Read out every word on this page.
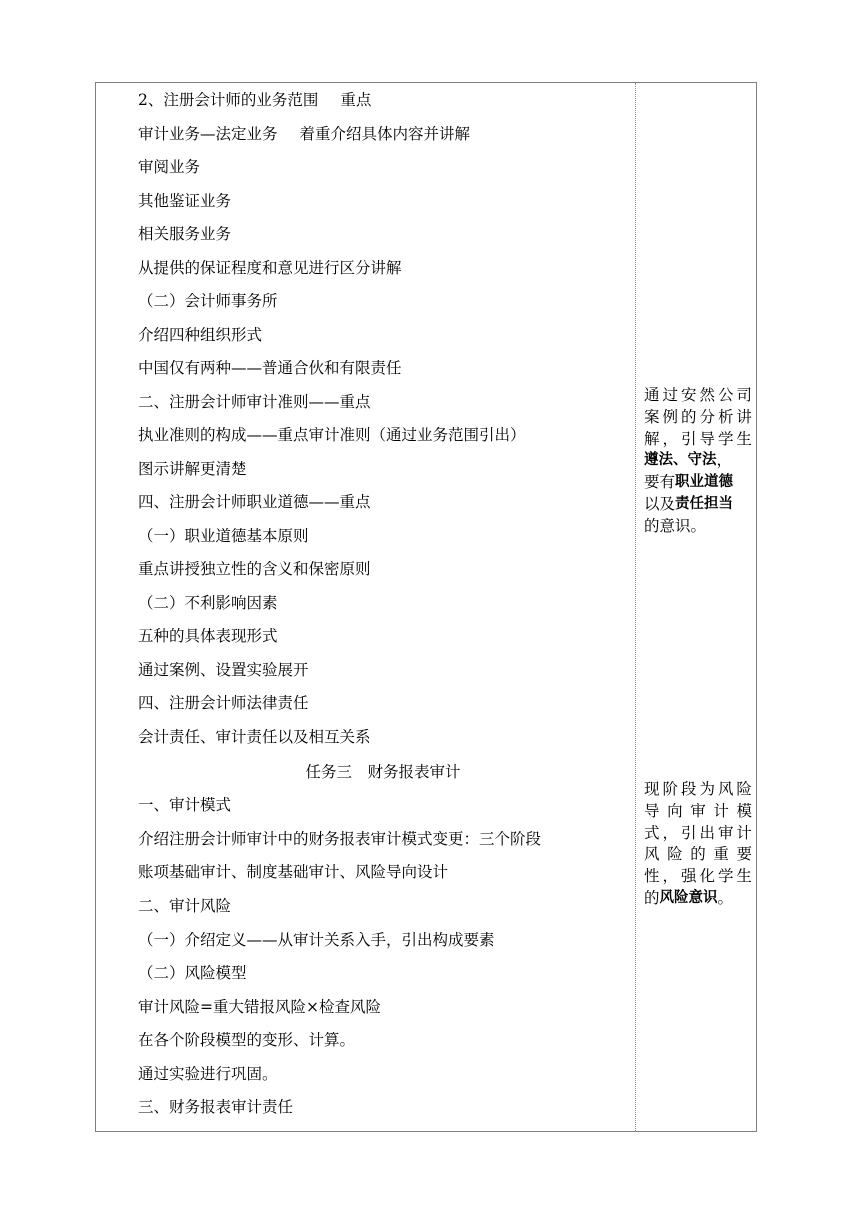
2、注册会计师的业务范围 重点
审计业务—法定业务 着重介绍具体内容并讲解
审阅业务
其他鉴证业务
相关服务业务
从提供的保证程度和意见进行区分讲解
（二）会计师事务所
介绍四种组织形式
中国仅有两种——普通合伙和有限责任
二、注册会计师审计准则——重点
执业准则的构成——重点审计准则（通过业务范围引出）
图示讲解更清楚
四、注册会计师职业道德——重点
（一）职业道德基本原则
重点讲授独立性的含义和保密原则
（二）不利影响因素
五种的具体表现形式
通过案例、设置实验展开
四、注册会计师法律责任
会计责任、审计责任以及相互关系
任务三　财务报表审计
一、审计模式
介绍注册会计师审计中的财务报表审计模式变更：三个阶段
账项基础审计、制度基础审计、风险导向设计
二、审计风险
（一）介绍定义——从审计关系入手，引出构成要素
（二）风险模型
审计风险=重大错报风险×检查风险
在各个阶段模型的变形、计算。
通过实验进行巩固。
三、财务报表审计责任
通 过 安 然 公 司
案 例 的 分 析 讲
解 ， 引 导 学 生
遵法、守法 ，
要有 职业道德
以及 责任担当
的意识。
现 阶 段 为 风 险
导 向 审 计 模
式 ， 引 出 审 计
风 险 的 重 要
性 ， 强 化 学 生
的 风险意识 。
